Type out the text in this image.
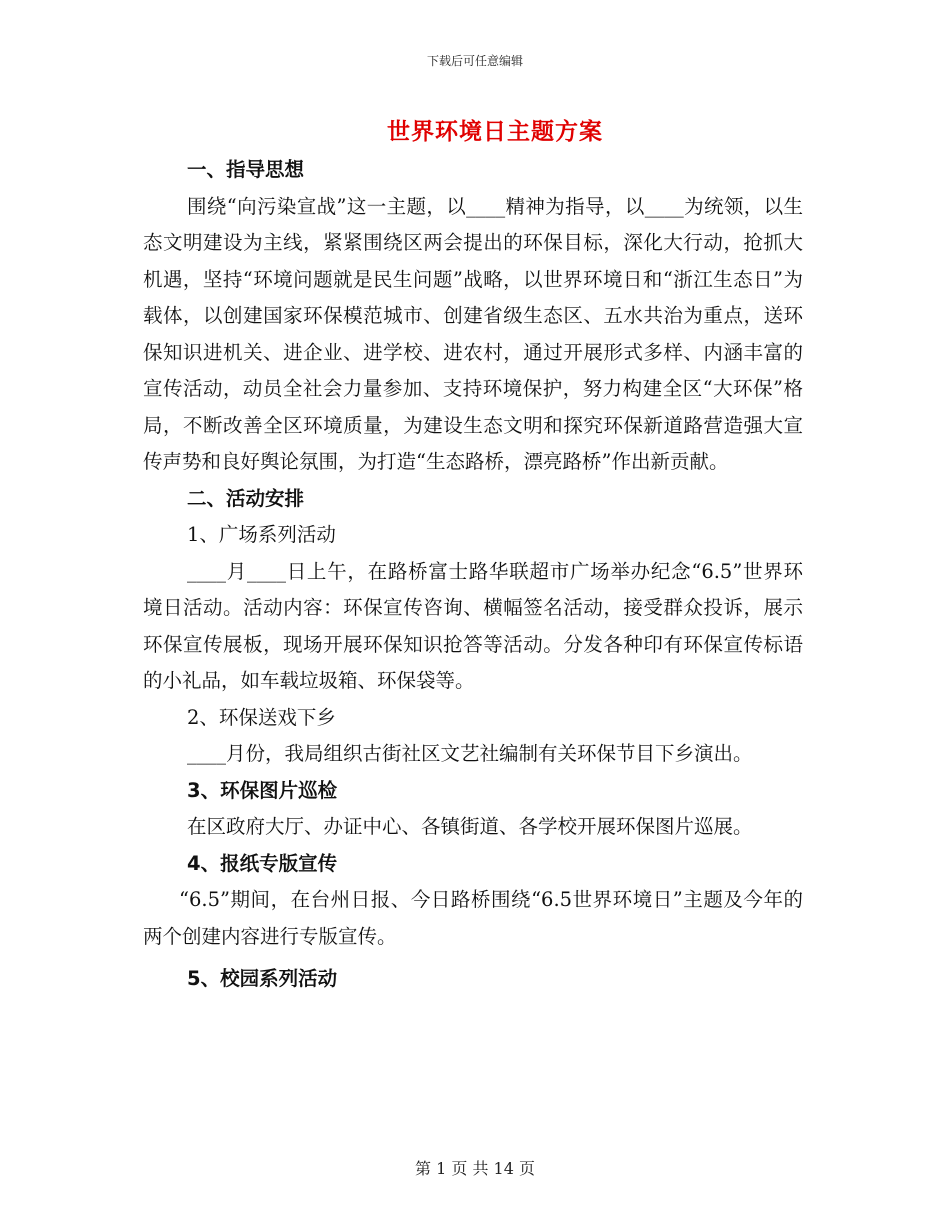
下载后可任意编辑
世界环境日主题方案

一、指导思想

围绕“向污染宣战”这一主题，以____精神为指导，以____为统领，以生态文明建设为主线，紧紧围绕区两会提出的环保目标，深化大行动，抢抓大机遇，坚持“环境问题就是民生问题”战略，以世界环境日和“浙江生态日”为载体，以创建国家环保模范城市、创建省级生态区、五水共治为重点，送环保知识进机关、进企业、进学校、进农村，通过开展形式多样、内涵丰富的宣传活动，动员全社会力量参加、支持环境保护，努力构建全区“大环保”格局，不断改善全区环境质量，为建设生态文明和探究环保新道路营造强大宣传声势和良好舆论氛围，为打造“生态路桥，漂亮路桥”作出新贡献。

二、活动安排

1、广场系列活动

____月____日上午，在路桥富士路华联超市广场举办纪念“6.5”世界环境日活动。活动内容：环保宣传咨询、横幅签名活动，接受群众投诉，展示环保宣传展板，现场开展环保知识抢答等活动。分发各种印有环保宣传标语的小礼品，如车载垃圾箱、环保袋等。

2、环保送戏下乡

____月份，我局组织古街社区文艺社编制有关环保节目下乡演出。

3、环保图片巡检

在区政府大厅、办证中心、各镇街道、各学校开展环保图片巡展。

4、报纸专版宣传

“6.5”期间，在台州日报、今日路桥围绕“6.5世界环境日”主题及今年的两个创建内容进行专版宣传。

5、校园系列活动

第 1 页 共 14 页
